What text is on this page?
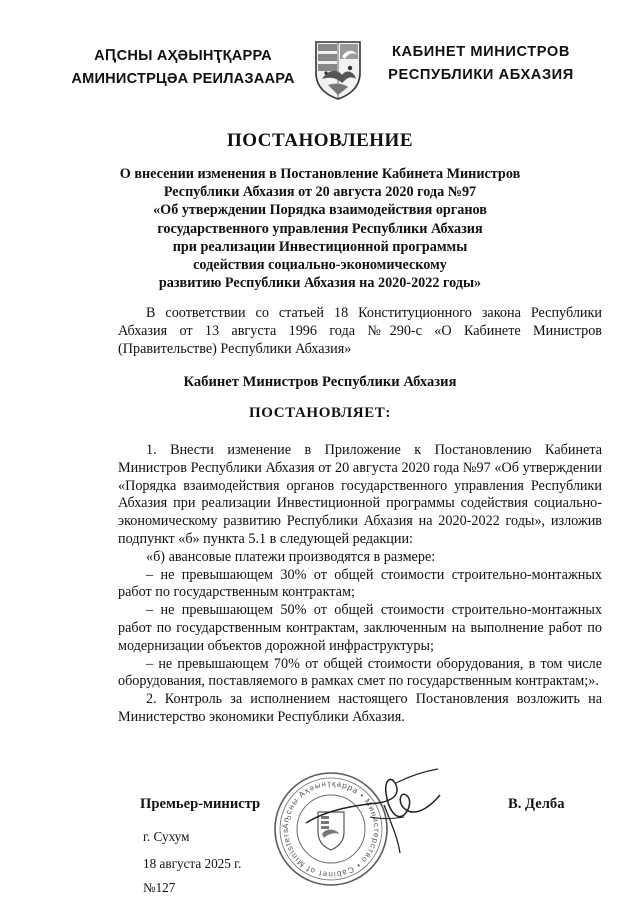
АԤСНЫ АҲƏЫНҬҚАРРА
АМИНИСТРЦƏА РЕИЛАЗААРА
КАБИНЕТ МИНИСТРОВ
РЕСПУБЛИКИ АБХАЗИЯ
ПОСТАНОВЛЕНИЕ
О внесении изменения в Постановление Кабинета Министров
Республики Абхазия от 20 августа 2020 года №97
«Об утверждении Порядка взаимодействия органов
государственного управления Республики Абхазия
при реализации Инвестиционной программы
содействия социально-экономическому
развитию Республики Абхазия на 2020-2022 годы»
В соответствии со статьей 18 Конституционного закона Республики Абхазия от 13 августа 1996 года №290-с «О Кабинете Министров (Правительстве) Республики Абхазия»
Кабинет Министров Республики Абхазия
ПОСТАНОВЛЯЕТ:

1. Внести изменение в Приложение к Постановлению Кабинета Министров Республики Абхазия от 20 августа 2020 года №97 «Об утверждении «Порядка взаимодействия органов государственного управления Республики Абхазия при реализации Инвестиционной программы содействия социально-экономическому развитию Республики Абхазия на 2020-2022 годы», изложив подпункт «б» пункта 5.1 в следующей редакции:

«б) авансовые платежи производятся в размере:

– не превышающем 30% от общей стоимости строительно-монтажных работ по государственным контрактам;

– не превышающем 50% от общей стоимости строительно-монтажных работ по государственным контрактам, заключенным на выполнение работ по модернизации объектов дорожной инфраструктуры;

– не превышающем 70% от общей стоимости оборудования, в том числе оборудования, поставляемого в рамках смет по государственным контрактам;».

2. Контроль за исполнением настоящего Постановления возложить на Министерство экономики Республики Абхазия.

Аҧсны Аҳəынҭқарра • Министерство • Cabinet of Ministers
Премьер-министр	В. Делба
г. Сухум
18 августа 2025 г.
№127
